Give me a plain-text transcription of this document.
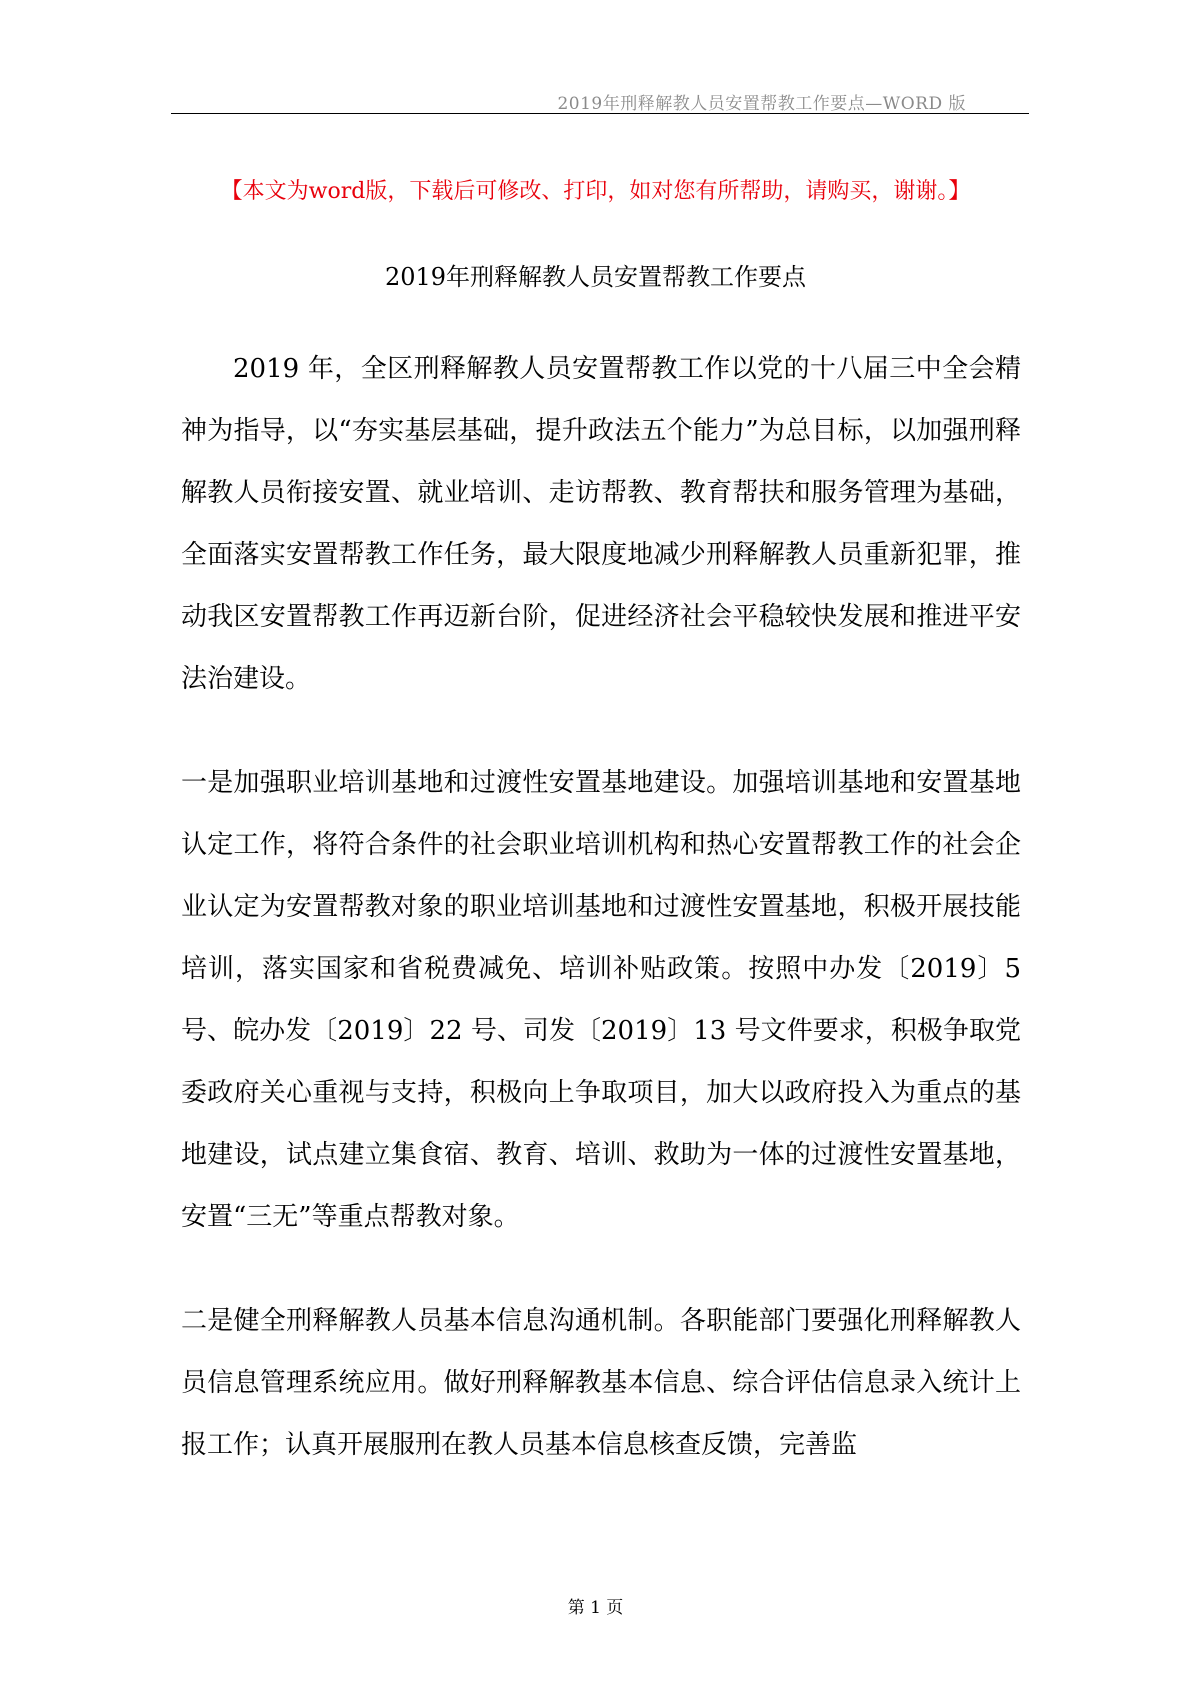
2019年刑释解教人员安置帮教工作要点—WORD 版
【本文为word版，下载后可修改、打印，如对您有所帮助，请购买，谢谢。】
2019年刑释解教人员安置帮教工作要点

2019 年，全区刑释解教人员安置帮教工作以党的十八届三中全会精神为指导，以“夯实基层基础，提升政法五个能力”为总目标，以加强刑释解教人员衔接安置、就业培训、走访帮教、教育帮扶和服务管理为基础，全面落实安置帮教工作任务，最大限度地减少刑释解教人员重新犯罪，推动我区安置帮教工作再迈新台阶，促进经济社会平稳较快发展和推进平安法治建设。

一是加强职业培训基地和过渡性安置基地建设。加强培训基地和安置基地认定工作，将符合条件的社会职业培训机构和热心安置帮教工作的社会企业认定为安置帮教对象的职业培训基地和过渡性安置基地，积极开展技能培训，落实国家和省税费减免、培训补贴政策。按照中办发〔2019〕5 号、皖办发〔2019〕22 号、司发〔2019〕13 号文件要求，积极争取党委政府关心重视与支持，积极向上争取项目，加大以政府投入为重点的基地建设，试点建立集食宿、教育、培训、救助为一体的过渡性安置基地，安置“三无”等重点帮教对象。

二是健全刑释解教人员基本信息沟通机制。各职能部门要强化刑释解教人员信息管理系统应用。做好刑释解教基本信息、综合评估信息录入统计上报工作；认真开展服刑在教人员基本信息核查反馈，完善监

第 1 页
